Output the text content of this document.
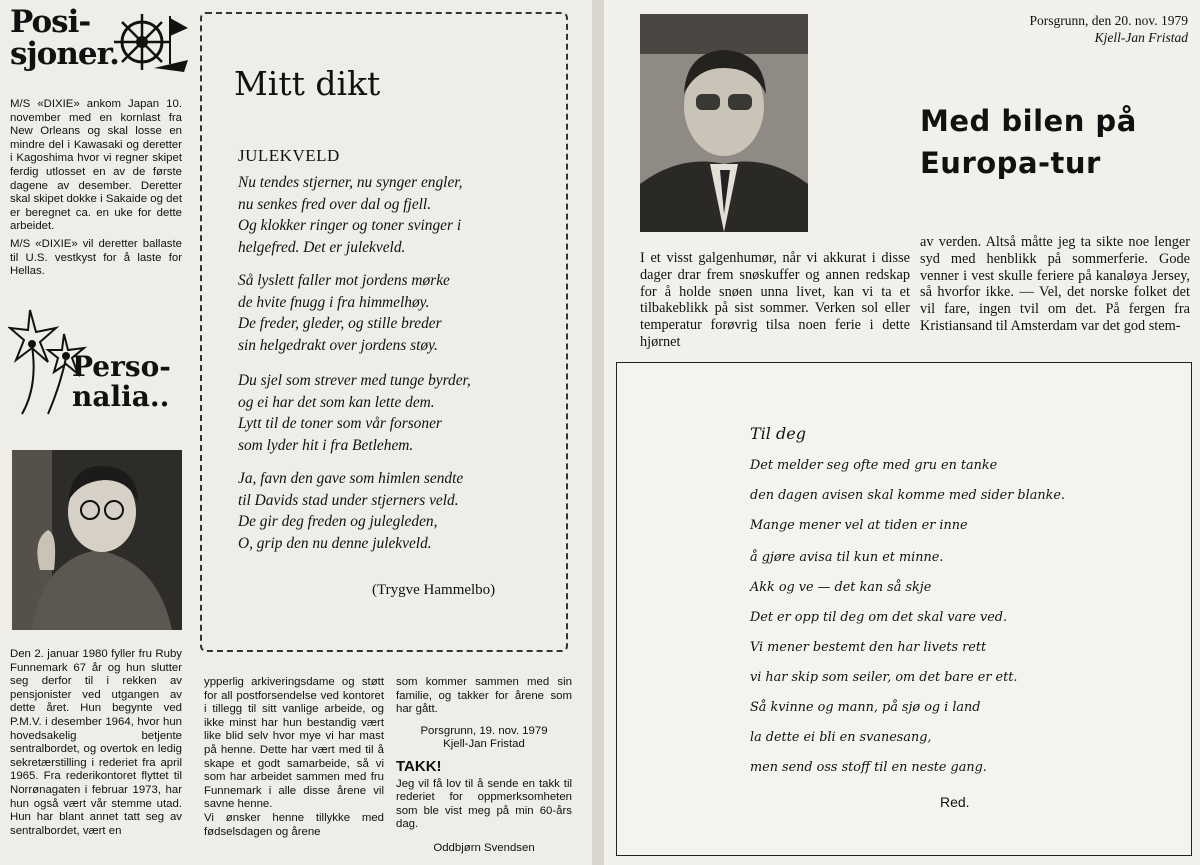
Posi-
sjoner.

M/S «DIXIE» ankom Japan 10. november med en kornlast fra New Orleans og skal losse en mindre del i Kawasaki og deretter i Kagoshima hvor vi regner skipet ferdig utlosset en av de første dagene av desember. Deretter skal skipet dokke i Sakaide og det er beregnet ca. en uke for dette arbeidet.

M/S «DIXIE» vil deretter ballaste til U.S. vestkyst for å laste for Hellas.

Perso-
nalia..
Den 2. januar 1980 fyller fru Ruby Funnemark 67 år og hun slutter seg derfor til i rekken av pensjonister ved utgangen av dette året. Hun begynte ved P.M.V. i desember 1964, hvor hun hovedsakelig betjente sentralbordet, og overtok en ledig sekretærstilling i rederiet fra april 1965. Fra rederikontoret flyttet til Norrønagaten i februar 1973, har hun også vært vår stemme utad. Hun har blant annet tatt seg av sentralbordet, vært en
Mitt dikt
JULEKVELD
Nu tendes stjerner, nu synger engler,
nu senkes fred over dal og fjell.
Og klokker ringer og toner svinger i
helgefred. Det er julekveld.
Så lyslett faller mot jordens mørke
de hvite fnugg i fra himmelhøy.
De freder, gleder, og stille breder
sin helgedrakt over jordens støy.
Du sjel som strever med tunge byrder,
og ei har det som kan lette dem.
Lytt til de toner som vår forsoner
som lyder hit i fra Betlehem.
Ja, favn den gave som himlen sendte
til Davids stad under stjerners veld.
De gir deg freden og julegleden,
O, grip den nu denne julekveld.
(Trygve Hammelbo)
ypperlig arkiveringsdame og støtt for all postforsendelse ved kontoret i tillegg til sitt vanlige arbeide, og ikke minst har hun bestandig vært like blid selv hvor mye vi har mast på henne. Dette har vært med til å skape et godt samarbeide, så vi som har arbeidet sammen med fru Funnemark i alle disse årene vil savne henne.
Vi ønsker henne tillykke med fødselsdagen og årene
som kommer sammen med sin familie, og takker for årene som har gått.
Porsgrunn, 19. nov. 1979
Kjell-Jan Fristad
TAKK!
Jeg vil få lov til å sende en takk til rederiet for oppmerksomheten som ble vist meg på min 60-års dag.
Oddbjørn Svendsen
Porsgrunn, den 20. nov. 1979
Kjell-Jan Fristad
Med bilen på
Europa-tur
I et visst galgenhumør, når vi akkurat i disse dager drar frem snøskuffer og annen redskap for å holde snøen unna livet, kan vi ta et tilbakeblikk på sist sommer. Verken sol eller temperatur forøvrig tilsa noen ferie i dette hjørnet
av verden. Altså måtte jeg ta sikte noe lenger syd med henblikk på sommerferie. Gode venner i vest skulle feriere på kanaløya Jersey, så hvorfor ikke. — Vel, det norske folket det vil fare, ingen tvil om det. På fergen fra Kristiansand til Amsterdam var det god stem-
Til deg
Det melder seg ofte med gru en tanke
den dagen avisen skal komme med sider blanke.
Mange mener vel at tiden er inne
å gjøre avisa til kun et minne.
Akk og ve — det kan så skje
Det er opp til deg om det skal vare ved.
Vi mener bestemt den har livets rett
vi har skip som seiler, om det bare er ett.
Så kvinne og mann, på sjø og i land
la dette ei bli en svanesang,
men send oss stoff til en neste gang.
Red.
